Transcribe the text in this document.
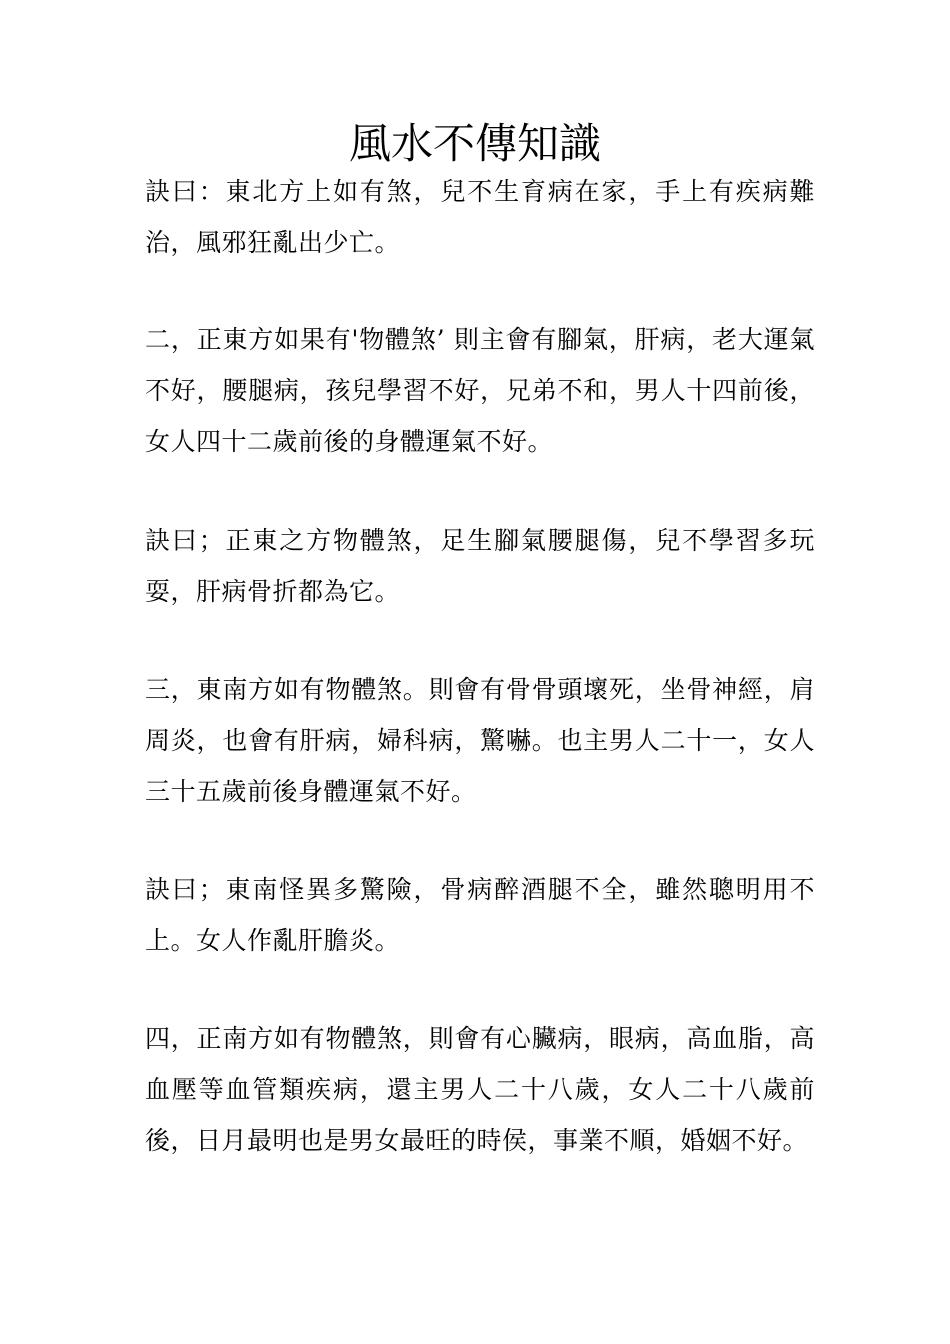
風水不傳知識

訣曰：東北方上如有煞，兒不生育病在家，手上有疾病難治，風邪狂亂出少亡。

二，正東方如果有'物體煞’ 則主會有腳氣，肝病，老大運氣不好，腰腿病，孩兒學習不好，兄弟不和，男人十四前後，女人四十二歲前後的身體運氣不好。

訣曰；正東之方物體煞，足生腳氣腰腿傷，兒不學習多玩耍，肝病骨折都為它。

三，東南方如有物體煞。則會有骨骨頭壞死，坐骨神經，肩周炎，也會有肝病，婦科病，驚嚇。也主男人二十一，女人三十五歲前後身體運氣不好。

訣曰；東南怪異多驚險，骨病醉酒腿不全，雖然聰明用不上。女人作亂肝膽炎。

四，正南方如有物體煞，則會有心臟病，眼病，高血脂，高血壓等血管類疾病，還主男人二十八歲，女人二十八歲前後，日月最明也是男女最旺的時侯，事業不順，婚姻不好。
